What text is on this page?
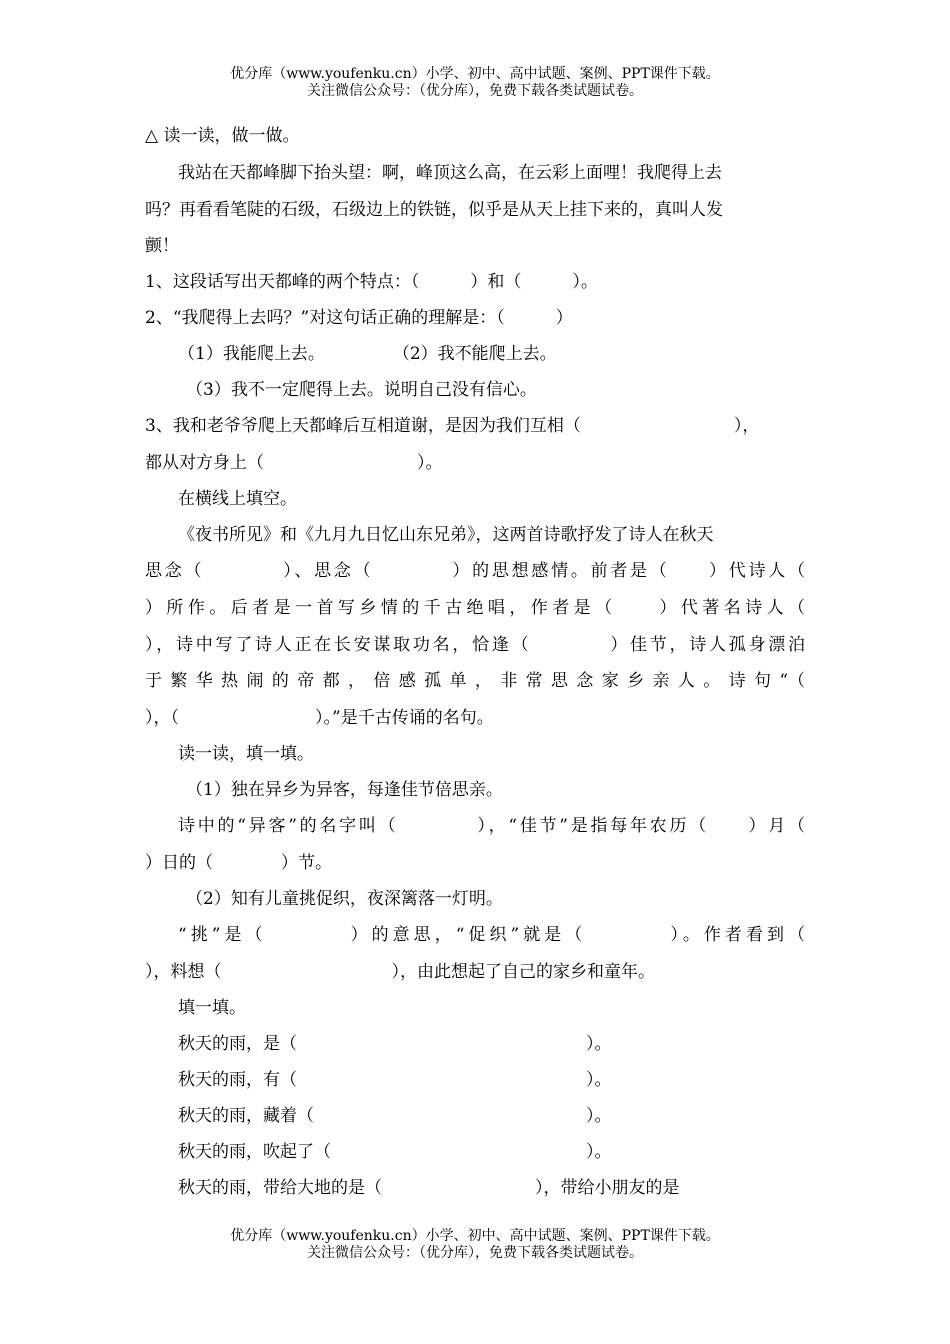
优分库（www.youfenku.cn）小学、初中、高中试题、案例、PPT课件下载。
关注微信公众号：（优分库），免费下载各类试题试卷。
△ 读一读，做一做。
我站在天都峰脚下抬头望：啊，峰顶这么高，在云彩上面哩！我爬得上去
吗？再看看笔陡的石级，石级边上的铁链，似乎是从天上挂下来的，真叫人发
颤！
1、这段话写出天都峰的两个特点：（　　　）和（　　　）。
2、“我爬得上去吗？”对这句话正确的理解是：（　　　）
（1）我能爬上去。　　　　　（2）我不能爬上去。
（3）我不一定爬得上去。说明自己没有信心。
3、我和老爷爷爬上天都峰后互相道谢，是因为我们互相（　　　　　　　　　），
都从对方身上（　　　　　　　　　）。
在横线上填空。
《夜书所见》和《九月九日忆山东兄弟》，这两首诗歌抒发了诗人在秋天
思念（　　　　）、思念（　　　　）的思想感情。前者是（　　）代诗人（
）所作。后者是一首写乡情的千古绝唱，作者是（　　）代著名诗人（
），诗中写了诗人正在长安谋取功名，恰逢（　　　　）佳节，诗人孤身漂泊
于繁华热闹的帝都，倍感孤单，非常思念家乡亲人。诗句“（
），（　　　　　　　　）。”是千古传诵的名句。
读一读，填一填。
（1）独在异乡为异客，每逢佳节倍思亲。
诗中的“异客”的名字叫（　　　　），“佳节”是指每年农历（　　）月（
）日的（　　　　）节。
（2）知有儿童挑促织，夜深篱落一灯明。
“挑”是（　　　　）的意思，“促织”就是（　　　　）。作者看到（
），料想（　　　　　　　　　　），由此想起了自己的家乡和童年。
填一填。
秋天的雨，是（　　　　　　　　　　　　　　　　　）。
秋天的雨，有（　　　　　　　　　　　　　　　　　）。
秋天的雨，藏着（　　　　　　　　　　　　　　　　）。
秋天的雨，吹起了（　　　　　　　　　　　　　　　）。
秋天的雨，带给大地的是（　　　　　　　　　），带给小朋友的是
优分库（www.youfenku.cn）小学、初中、高中试题、案例、PPT课件下载。
关注微信公众号：（优分库），免费下载各类试题试卷。
